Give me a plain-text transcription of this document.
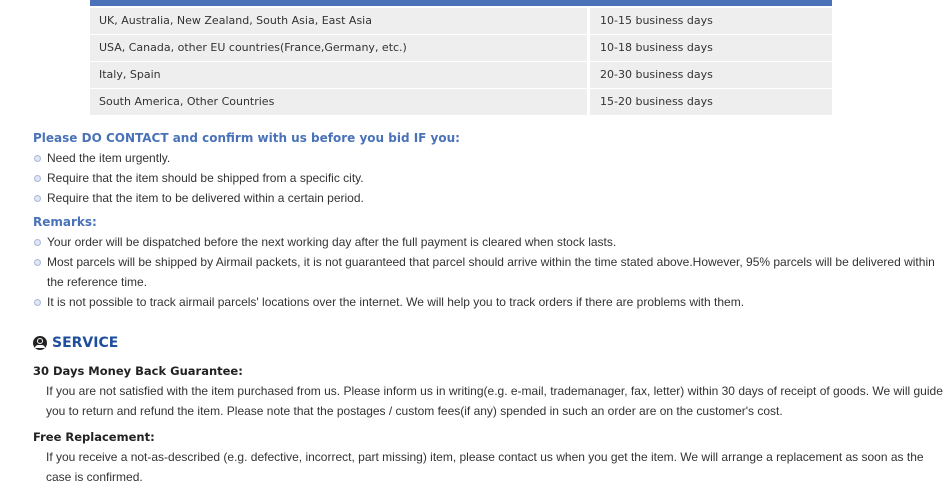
UK, Australia, New Zealand, South Asia, East Asia	10-15 business days
USA, Canada, other EU countries(France,Germany, etc.)	10-18 business days
Italy, Spain	20-30 business days
South America, Other Countries	15-20 business days
Please DO CONTACT and confirm with us before you bid IF you:
Need the item urgently.
Require that the item should be shipped from a specific city.
Require that the item to be delivered within a certain period.
Remarks:
Your order will be dispatched before the next working day after the full payment is cleared when stock lasts.
Most parcels will be shipped by Airmail packets, it is not guaranteed that parcel should arrive within the time stated above.However, 95% parcels will be delivered within
the reference time.
It is not possible to track airmail parcels' locations over the internet. We will help you to track orders if there are problems with them.
SERVICE
30 Days Money Back Guarantee:
If you are not satisfied with the item purchased from us. Please inform us in writing(e.g. e-mail, trademanager, fax, letter) within 30 days of receipt of goods. We will guide
you to return and refund the item. Please note that the postages / custom fees(if any) spended in such an order are on the customer's cost.
Free Replacement:
If you receive a not-as-described (e.g. defective, incorrect, part missing) item, please contact us when you get the item. We will arrange a replacement as soon as the
case is confirmed.
